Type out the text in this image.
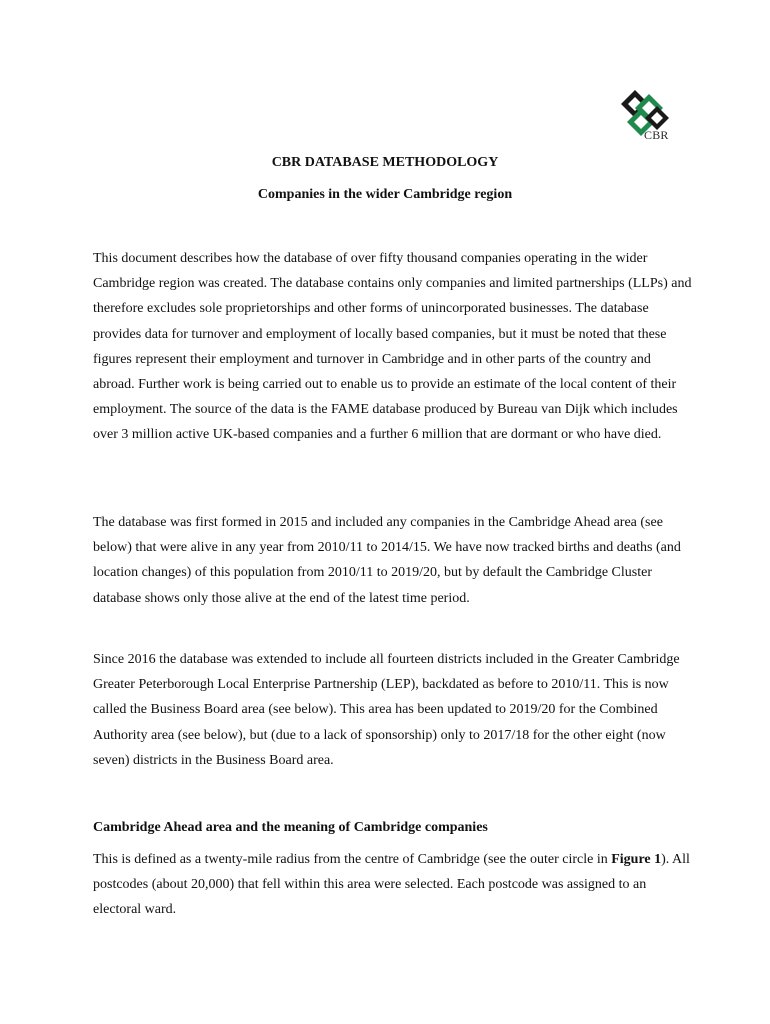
CBR
CBR DATABASE METHODOLOGY
Companies in the wider Cambridge region

This document describes how the database of over fifty thousand companies operating in the wider Cambridge region was created. The database contains only companies and limited partnerships (LLPs) and therefore excludes sole proprietorships and other forms of unincorporated businesses. The database provides data for turnover and employment of locally based companies, but it must be noted that these figures represent their employment and turnover in Cambridge and in other parts of the country and abroad. Further work is being carried out to enable us to provide an estimate of the local content of their employment. The source of the data is the FAME database produced by Bureau van Dijk which includes over 3 million active UK-based companies and a further 6 million that are dormant or who have died.

The database was first formed in 2015 and included any companies in the Cambridge Ahead area (see below) that were alive in any year from 2010/11 to 2014/15. We have now tracked births and deaths (and location changes) of this population from 2010/11 to 2019/20, but by default the Cambridge Cluster database shows only those alive at the end of the latest time period.

Since 2016 the database was extended to include all fourteen districts included in the Greater Cambridge Greater Peterborough Local Enterprise Partnership (LEP), backdated as before to 2010/11. This is now called the Business Board area (see below). This area has been updated to 2019/20 for the Combined Authority area (see below), but (due to a lack of sponsorship) only to 2017/18 for the other eight (now seven) districts in the Business Board area.

Cambridge Ahead area and the meaning of Cambridge companies

This is defined as a twenty-mile radius from the centre of Cambridge (see the outer circle in Figure 1). All postcodes (about 20,000) that fell within this area were selected. Each postcode was assigned to an electoral ward.
